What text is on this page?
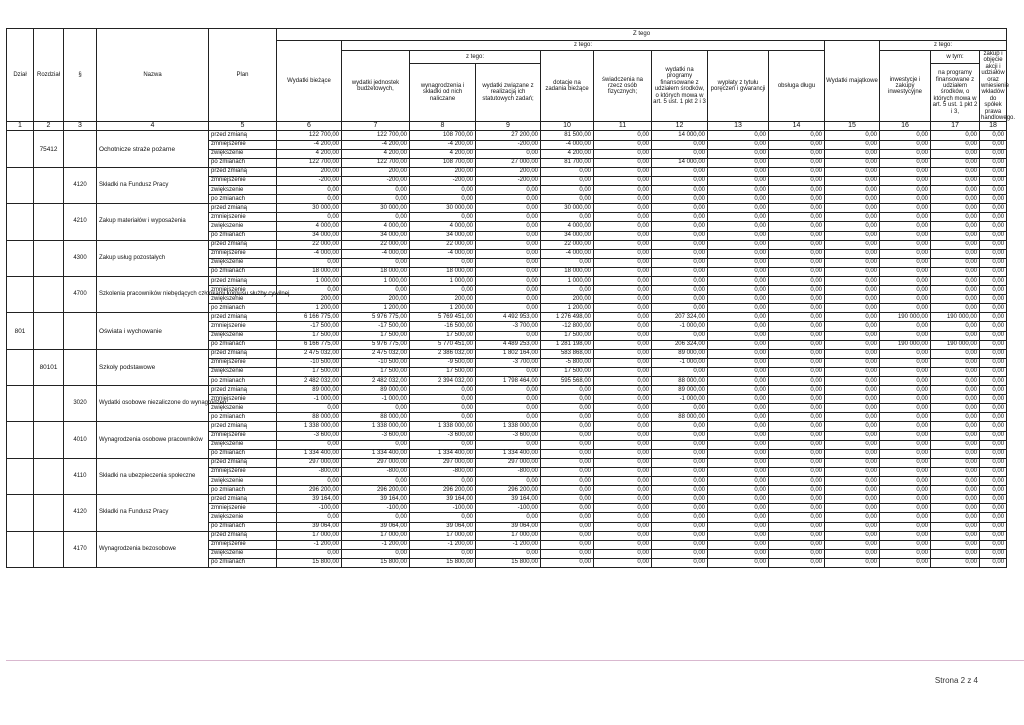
Dział	Rozdział	§	Nazwa	Plan	Z tego													
					Wydatki bieżące	z tego:								Wydatki majątkowe	z tego:			
						wydatki jednostek budżetowych,	z tego:		dotacje na zadania bieżące	świadczenia na rzecz osób fizycznych;	wydatki na programy finansowane z udziałem środków, o których mowa w art. 5 ust. 1 pkt 2 i 3	wypłaty z tytułu poręczeń i gwarancji	obsługa długu		inwestycje i zakupy inwestycyjne	w tym:	zakup i objęcie akcji i udziałów oraz wniesienie wkładów do spółek prawa handlowego.	
							wynagrodzenia i składki od nich naliczane	wydatki związane z realizacją ich statutowych zadań;								na programy finansowane z udziałem środków, o których mowa w art. 5 ust. 1 pkt 2 i 3,		
1	2	3	4	5	6	7	8	9	10	11	12	13	14	15	16	17	18	
	75412		Ochotnicze straże pożarne	przed zmianą	122 700,00	122 700,00	108 700,00	27 200,00	81 500,00	0,00	14 000,00	0,00	0,00	0,00	0,00	0,00	0,00	
				zmniejszenie	-4 200,00	-4 200,00	-4 200,00	-200,00	-4 000,00	0,00	0,00	0,00	0,00	0,00	0,00	0,00	0,00	
				zwiększenie	4 200,00	4 200,00	4 200,00	0,00	4 200,00	0,00	0,00	0,00	0,00	0,00	0,00	0,00	0,00	
				po zmianach	122 700,00	122 700,00	108 700,00	27 000,00	81 700,00	0,00	14 000,00	0,00	0,00	0,00	0,00	0,00	0,00	
		4120	Składki na Fundusz Pracy	przed zmianą	200,00	200,00	200,00	200,00	0,00	0,00	0,00	0,00	0,00	0,00	0,00	0,00	0,00	
				zmniejszenie	-200,00	-200,00	-200,00	-200,00	0,00	0,00	0,00	0,00	0,00	0,00	0,00	0,00	0,00	
				zwiększenie	0,00	0,00	0,00	0,00	0,00	0,00	0,00	0,00	0,00	0,00	0,00	0,00	0,00	
				po zmianach	0,00	0,00	0,00	0,00	0,00	0,00	0,00	0,00	0,00	0,00	0,00	0,00	0,00	
		4210	Zakup materiałów i wyposażenia	przed zmianą	30 000,00	30 000,00	30 000,00	0,00	30 000,00	0,00	0,00	0,00	0,00	0,00	0,00	0,00	0,00	
				zmniejszenie	0,00	0,00	0,00	0,00	0,00	0,00	0,00	0,00	0,00	0,00	0,00	0,00	0,00	
				zwiększenie	4 000,00	4 000,00	4 000,00	0,00	4 000,00	0,00	0,00	0,00	0,00	0,00	0,00	0,00	0,00	
				po zmianach	34 000,00	34 000,00	34 000,00	0,00	34 000,00	0,00	0,00	0,00	0,00	0,00	0,00	0,00	0,00	
		4300	Zakup usług pozostałych	przed zmianą	22 000,00	22 000,00	22 000,00	0,00	22 000,00	0,00	0,00	0,00	0,00	0,00	0,00	0,00	0,00	
				zmniejszenie	-4 000,00	-4 000,00	-4 000,00	0,00	-4 000,00	0,00	0,00	0,00	0,00	0,00	0,00	0,00	0,00	
				zwiększenie	0,00	0,00	0,00	0,00	0,00	0,00	0,00	0,00	0,00	0,00	0,00	0,00	0,00	
				po zmianach	18 000,00	18 000,00	18 000,00	0,00	18 000,00	0,00	0,00	0,00	0,00	0,00	0,00	0,00	0,00	
		4700	Szkolenia pracowników niebędących członkami korpusu służby cywilnej	przed zmianą	1 000,00	1 000,00	1 000,00	0,00	1 000,00	0,00	0,00	0,00	0,00	0,00	0,00	0,00	0,00	
				zmniejszenie	0,00	0,00	0,00	0,00	0,00	0,00	0,00	0,00	0,00	0,00	0,00	0,00	0,00	
				zwiększenie	200,00	200,00	200,00	0,00	200,00	0,00	0,00	0,00	0,00	0,00	0,00	0,00	0,00	
				po zmianach	1 200,00	1 200,00	1 200,00	0,00	1 200,00	0,00	0,00	0,00	0,00	0,00	0,00	0,00	0,00	
801			Oświata i wychowanie	przed zmianą	6 166 775,00	5 976 775,00	5 769 451,00	4 492 953,00	1 276 498,00	0,00	207 324,00	0,00	0,00	0,00	190 000,00	190 000,00	0,00	
				zmniejszenie	-17 500,00	-17 500,00	-16 500,00	-3 700,00	-12 800,00	0,00	-1 000,00	0,00	0,00	0,00	0,00	0,00	0,00	
				zwiększenie	17 500,00	17 500,00	17 500,00	0,00	17 500,00	0,00	0,00	0,00	0,00	0,00	0,00	0,00	0,00	
				po zmianach	6 166 775,00	5 976 775,00	5 770 451,00	4 489 253,00	1 281 198,00	0,00	206 324,00	0,00	0,00	0,00	190 000,00	190 000,00	0,00	
	80101		Szkoły podstawowe	przed zmianą	2 475 032,00	2 475 032,00	2 386 032,00	1 802 164,00	583 868,00	0,00	89 000,00	0,00	0,00	0,00	0,00	0,00	0,00	
				zmniejszenie	-10 500,00	-10 500,00	-9 500,00	-3 700,00	-5 800,00	0,00	-1 000,00	0,00	0,00	0,00	0,00	0,00	0,00	
				zwiększenie	17 500,00	17 500,00	17 500,00	0,00	17 500,00	0,00	0,00	0,00	0,00	0,00	0,00	0,00	0,00	
				po zmianach	2 482 032,00	2 482 032,00	2 394 032,00	1 798 464,00	595 568,00	0,00	88 000,00	0,00	0,00	0,00	0,00	0,00	0,00	
		3020	Wydatki osobowe niezaliczone do wynagrodzeń	przed zmianą	89 000,00	89 000,00	0,00	0,00	0,00	0,00	89 000,00	0,00	0,00	0,00	0,00	0,00	0,00	
				zmniejszenie	-1 000,00	-1 000,00	0,00	0,00	0,00	0,00	-1 000,00	0,00	0,00	0,00	0,00	0,00	0,00	
				zwiększenie	0,00	0,00	0,00	0,00	0,00	0,00	0,00	0,00	0,00	0,00	0,00	0,00	0,00	
				po zmianach	88 000,00	88 000,00	0,00	0,00	0,00	0,00	88 000,00	0,00	0,00	0,00	0,00	0,00	0,00	
		4010	Wynagrodzenia osobowe pracowników	przed zmianą	1 338 000,00	1 338 000,00	1 338 000,00	1 338 000,00	0,00	0,00	0,00	0,00	0,00	0,00	0,00	0,00	0,00	
				zmniejszenie	-3 600,00	-3 600,00	-3 600,00	-3 600,00	0,00	0,00	0,00	0,00	0,00	0,00	0,00	0,00	0,00	
				zwiększenie	0,00	0,00	0,00	0,00	0,00	0,00	0,00	0,00	0,00	0,00	0,00	0,00	0,00	
				po zmianach	1 334 400,00	1 334 400,00	1 334 400,00	1 334 400,00	0,00	0,00	0,00	0,00	0,00	0,00	0,00	0,00	0,00	
		4110	Składki na ubezpieczenia społeczne	przed zmianą	297 000,00	297 000,00	297 000,00	297 000,00	0,00	0,00	0,00	0,00	0,00	0,00	0,00	0,00	0,00	
				zmniejszenie	-800,00	-800,00	-800,00	-800,00	0,00	0,00	0,00	0,00	0,00	0,00	0,00	0,00	0,00	
				zwiększenie	0,00	0,00	0,00	0,00	0,00	0,00	0,00	0,00	0,00	0,00	0,00	0,00	0,00	
				po zmianach	296 200,00	296 200,00	296 200,00	296 200,00	0,00	0,00	0,00	0,00	0,00	0,00	0,00	0,00	0,00	
		4120	Składki na Fundusz Pracy	przed zmianą	39 164,00	39 164,00	39 164,00	39 164,00	0,00	0,00	0,00	0,00	0,00	0,00	0,00	0,00	0,00	
				zmniejszenie	-100,00	-100,00	-100,00	-100,00	0,00	0,00	0,00	0,00	0,00	0,00	0,00	0,00	0,00	
				zwiększenie	0,00	0,00	0,00	0,00	0,00	0,00	0,00	0,00	0,00	0,00	0,00	0,00	0,00	
				po zmianach	39 064,00	39 064,00	39 064,00	39 064,00	0,00	0,00	0,00	0,00	0,00	0,00	0,00	0,00	0,00	
		4170	Wynagrodzenia bezosobowe	przed zmianą	17 000,00	17 000,00	17 000,00	17 000,00	0,00	0,00	0,00	0,00	0,00	0,00	0,00	0,00	0,00	
				zmniejszenie	-1 200,00	-1 200,00	-1 200,00	-1 200,00	0,00	0,00	0,00	0,00	0,00	0,00	0,00	0,00	0,00	
				zwiększenie	0,00	0,00	0,00	0,00	0,00	0,00	0,00	0,00	0,00	0,00	0,00	0,00	0,00	
				po zmianach	15 800,00	15 800,00	15 800,00	15 800,00	0,00	0,00	0,00	0,00	0,00	0,00	0,00	0,00	0,00	
Strona 2 z 4
